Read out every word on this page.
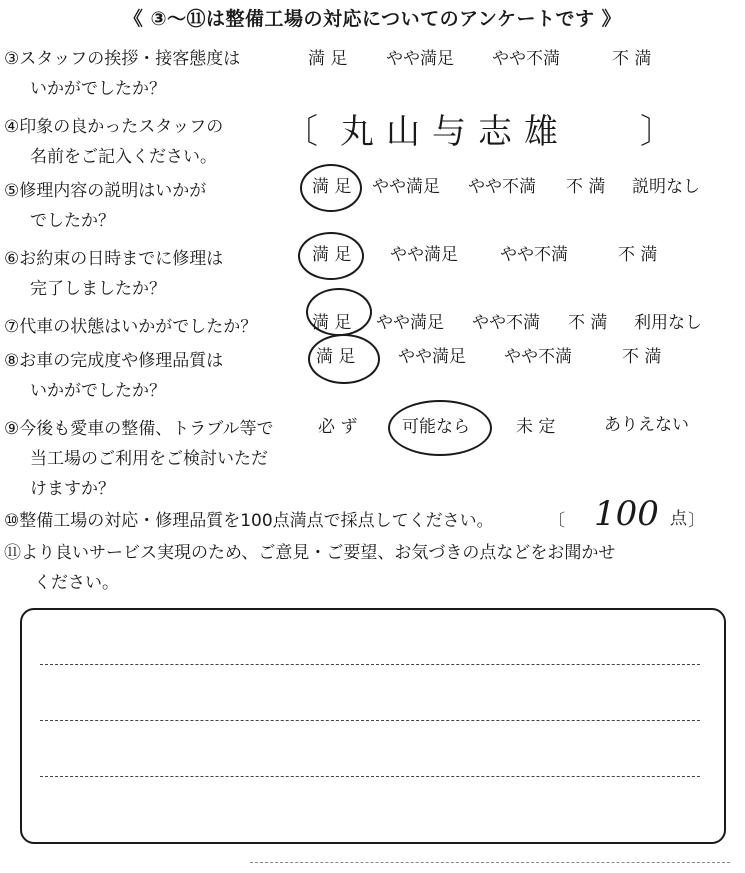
《 ③〜⑪は整備工場の対応についてのアンケートです 》
③スタッフの挨拶・接客態度は
いかがでしたか？
満 足 やや満足 やや不満	不 満
④印象の良かったスタッフの
名前をご記入ください。
〔 丸山与志雄 〕
⑤修理内容の説明はいかが
でしたか？
満 足 やや満足 やや不満 不 満 説明なし
⑥お約束の日時までに修理は
完了しましたか？
満 足 やや満足 やや不満	不 満
⑦代車の状態はいかがでしたか？	満 足 やや満足 やや不満 不 満 利用なし
⑧お車の完成度や修理品質は
いかがでしたか？
満 足	やや満足 やや不満	不 満
⑨今後も愛車の整備、トラブル等で
当工場のご利用をご検討いただ
けますか？
必 ず	可能なら	未 定	ありえない
⑩整備工場の対応・修理品質を100点満点で採点してください。	〔 100 点 〕
⑪より良いサービス実現のため、ご意見・ご要望、お気づきの点などをお聞かせ
ください。
